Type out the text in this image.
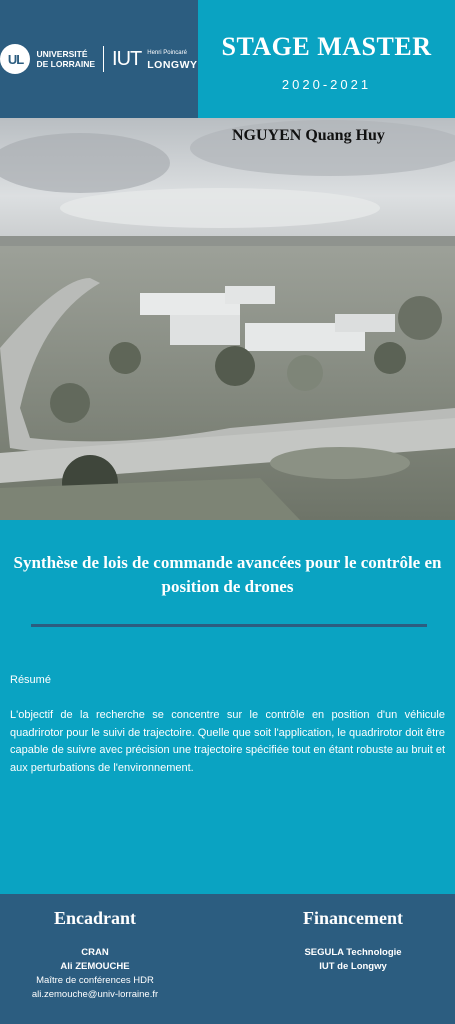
UL	UNIVERSITÉ
DE LORRAINE IUT Henri Poincaré
LONGWY
STAGE MASTER
2020-2021
NGUYEN Quang Huy
Synthèse de lois de commande avancées pour le contrôle en position de drones
Résumé
L'objectif de la recherche se concentre sur le contrôle en position d'un véhicule quadrirotor pour le suivi de trajectoire. Quelle que soit l'application, le quadrirotor doit être capable de suivre avec précision une trajectoire spécifiée tout en étant robuste au bruit et aux perturbations de l'environnement.
Encadrant
CRAN
Ali ZEMOUCHE
Maître de conférences HDR
ali.zemouche@univ-lorraine.fr
Financement
SEGULA Technologie
IUT de Longwy
